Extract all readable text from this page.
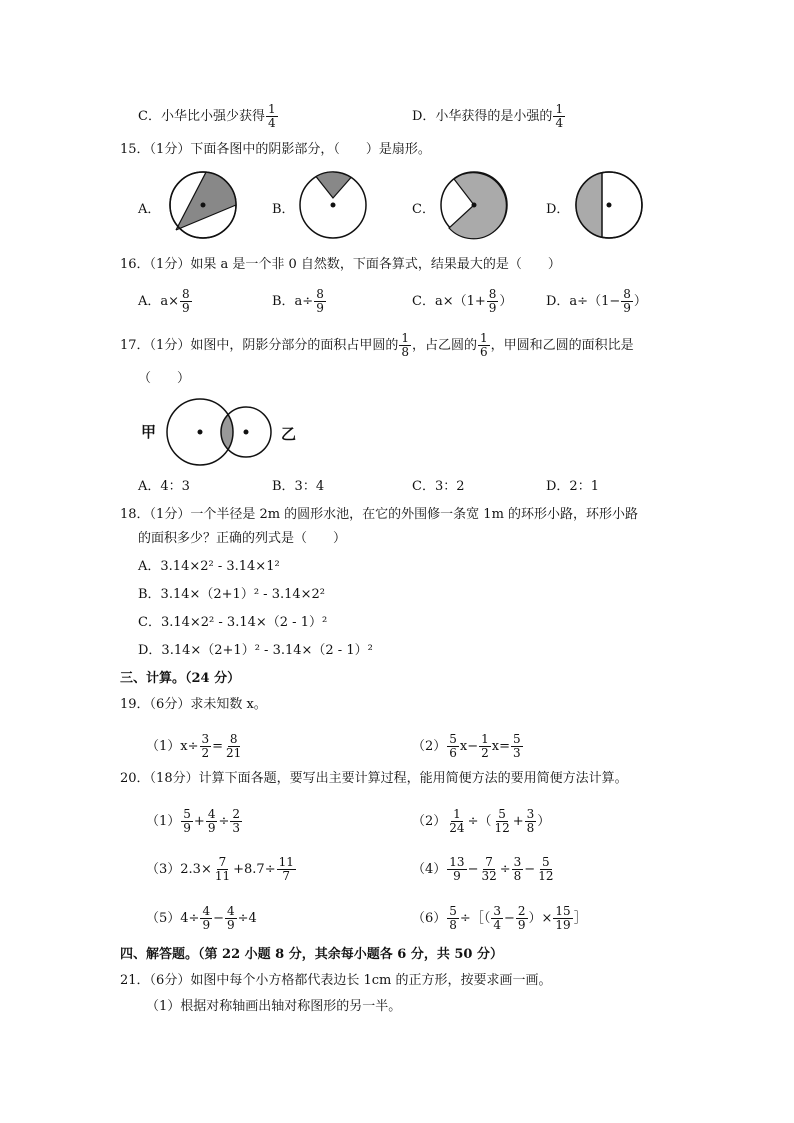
C．小华比小强少获得 $\frac{1}{4}$	D．小华获得的是小强的 $\frac{1}{4}$
15．（1分）下面各图中的阴影部分，（　　）是扇形。
A．	B．	C．	D．
16．（1分）如果 a 是一个非 0 自然数，下面各算式，结果最大的是（　　）
A．$a\times \frac{8}{9}$	B．$a\div \frac{8}{9}$	C．$a\times(1+ \frac{8}{9}$ ）	D．$a\div(1- \frac{8}{9}$ ）
17．（1分）如图中，阴影分部分的面积占甲圆的 $\frac{1}{8}$ ，占乙圆的 $\frac{1}{6}$ ，甲圆和乙圆的面积比是
（　　）
甲	乙
A．4：3	B．3：4	C．3：2	D．2：1
18．（1分）一个半径是 2m 的圆形水池，在它的外围修一条宽 1m 的环形小路，环形小路
的面积多少？正确的列式是（　　）
A．3.14×2² - 3.14×1²
B．3.14×（2+1）² - 3.14×2²
C．3.14×2² - 3.14×（2 - 1）²
D．3.14×（2+1）² - 3.14×（2 - 1）²
三、计算。（24 分）
19．（6分）求未知数 x。
$(1)x\div \frac{3}{2} = \frac{8}{21}$	$(2) \frac{5}{6} x- \frac{1}{2} x= \frac{5}{3}$
20．（18分）计算下面各题，要写出主要计算过程，能用简便方法的要用简便方法计算。
$(1) \frac{5}{9} + \frac{4}{9} \div \frac{2}{3}$	$(2) \frac{1}{24}$ ÷（ $\frac{5}{12} + \frac{3}{8}$ ）
$(3)2.3\times \frac{7}{11} +8.7\div \frac{11}{7}$	$(4) \frac{13}{9} - \frac{7}{32} \div \frac{3}{8} - \frac{5}{12}$
$(5)4\div \frac{4}{9} - \frac{4}{9} \div 4$	$(6) \frac{5}{8}$ ÷［（ $\frac{3}{4} - \frac{2}{9}$ ）× $\frac{15}{19}$ ］
四、解答题。（第 22 小题 8 分，其余每小题各 6 分，共 50 分）
21．（6分）如图中每个小方格都代表边长 1cm 的正方形，按要求画一画。
（1）根据对称轴画出轴对称图形的另一半。
